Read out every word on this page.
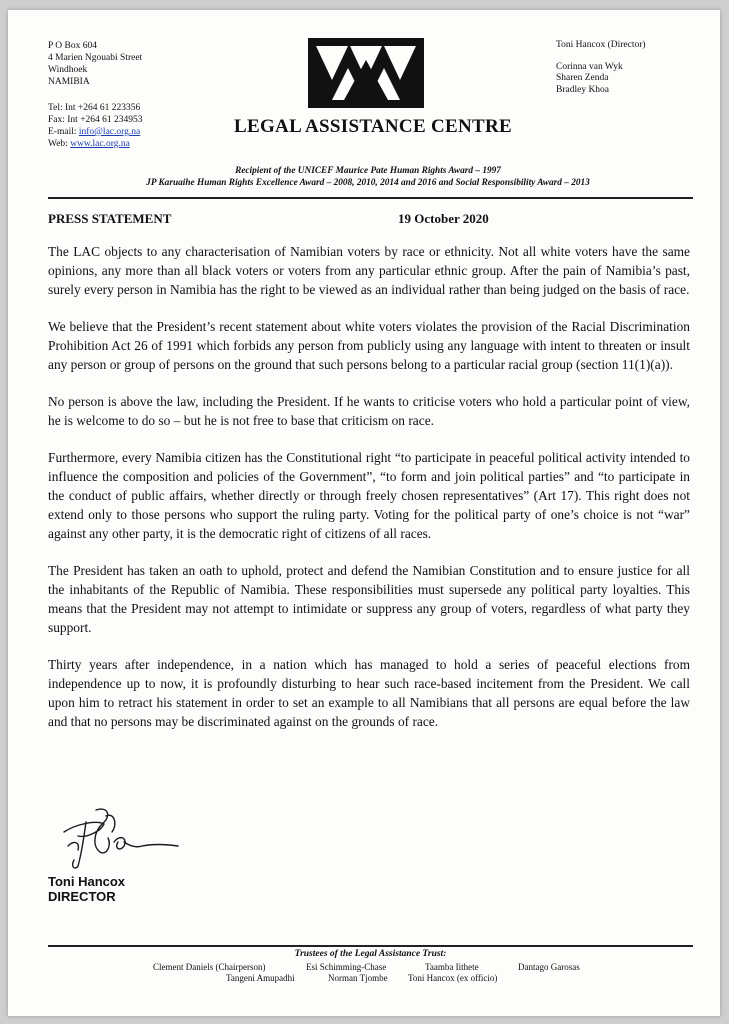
P O Box 604
4 Marien Ngouabi Street
Windhoek
NAMIBIA
Tel: Int +264 61 223356
Fax: Int +264 61 234953
E-mail: info@lac.org.na
Web: www.lac.org.na
Toni Hancox (Director)
Corinna van Wyk
Sharen Zenda
Bradley Khoa
LEGAL ASSISTANCE CENTRE
Recipient of the UNICEF Maurice Pate Human Rights Award – 1997
JP Karuaihe Human Rights Excellence Award – 2008, 2010, 2014 and 2016 and Social Responsibility Award – 2013
PRESS STATEMENT	19 October 2020

The LAC objects to any characterisation of Namibian voters by race or ethnicity. Not all white voters have the same opinions, any more than all black voters or voters from any particular ethnic group. After the pain of Namibia’s past, surely every person in Namibia has the right to be viewed as an individual rather than being judged on the basis of race.

We believe that the President’s recent statement about white voters violates the provision of the Racial Discrimination Prohibition Act 26 of 1991 which forbids any person from publicly using any language with intent to threaten or insult any person or group of persons on the ground that such persons belong to a particular racial group (section 11(1)(a)).

No person is above the law, including the President. If he wants to criticise voters who hold a particular point of view, he is welcome to do so – but he is not free to base that criticism on race.

Furthermore, every Namibia citizen has the Constitutional right “to participate in peaceful political activity intended to influence the composition and policies of the Government”, “to form and join political parties” and “to participate in the conduct of public affairs, whether directly or through freely chosen representatives” (Art 17). This right does not extend only to those persons who support the ruling party. Voting for the political party of one’s choice is not “war” against any other party, it is the democratic right of citizens of all races.

The President has taken an oath to uphold, protect and defend the Namibian Constitution and to ensure justice for all the inhabitants of the Republic of Namibia. These responsibilities must supersede any political party loyalties. This means that the President may not attempt to intimidate or suppress any group of voters, regardless of what party they support.

Thirty years after independence, in a nation which has managed to hold a series of peaceful elections from independence up to now, it is profoundly disturbing to hear such race-based incitement from the President. We call upon him to retract his statement in order to set an example to all Namibians that all persons are equal before the law and that no persons may be discriminated against on the grounds of race.

Toni Hancox
DIRECTOR
Trustees of the Legal Assistance Trust:
Clement Daniels (Chairperson)	Esi Schimming-Chase	Taamba Iithete	Dantago Garosas
Tangeni Amupadhi	Norman Tjombe Toni Hancox (ex officio)
